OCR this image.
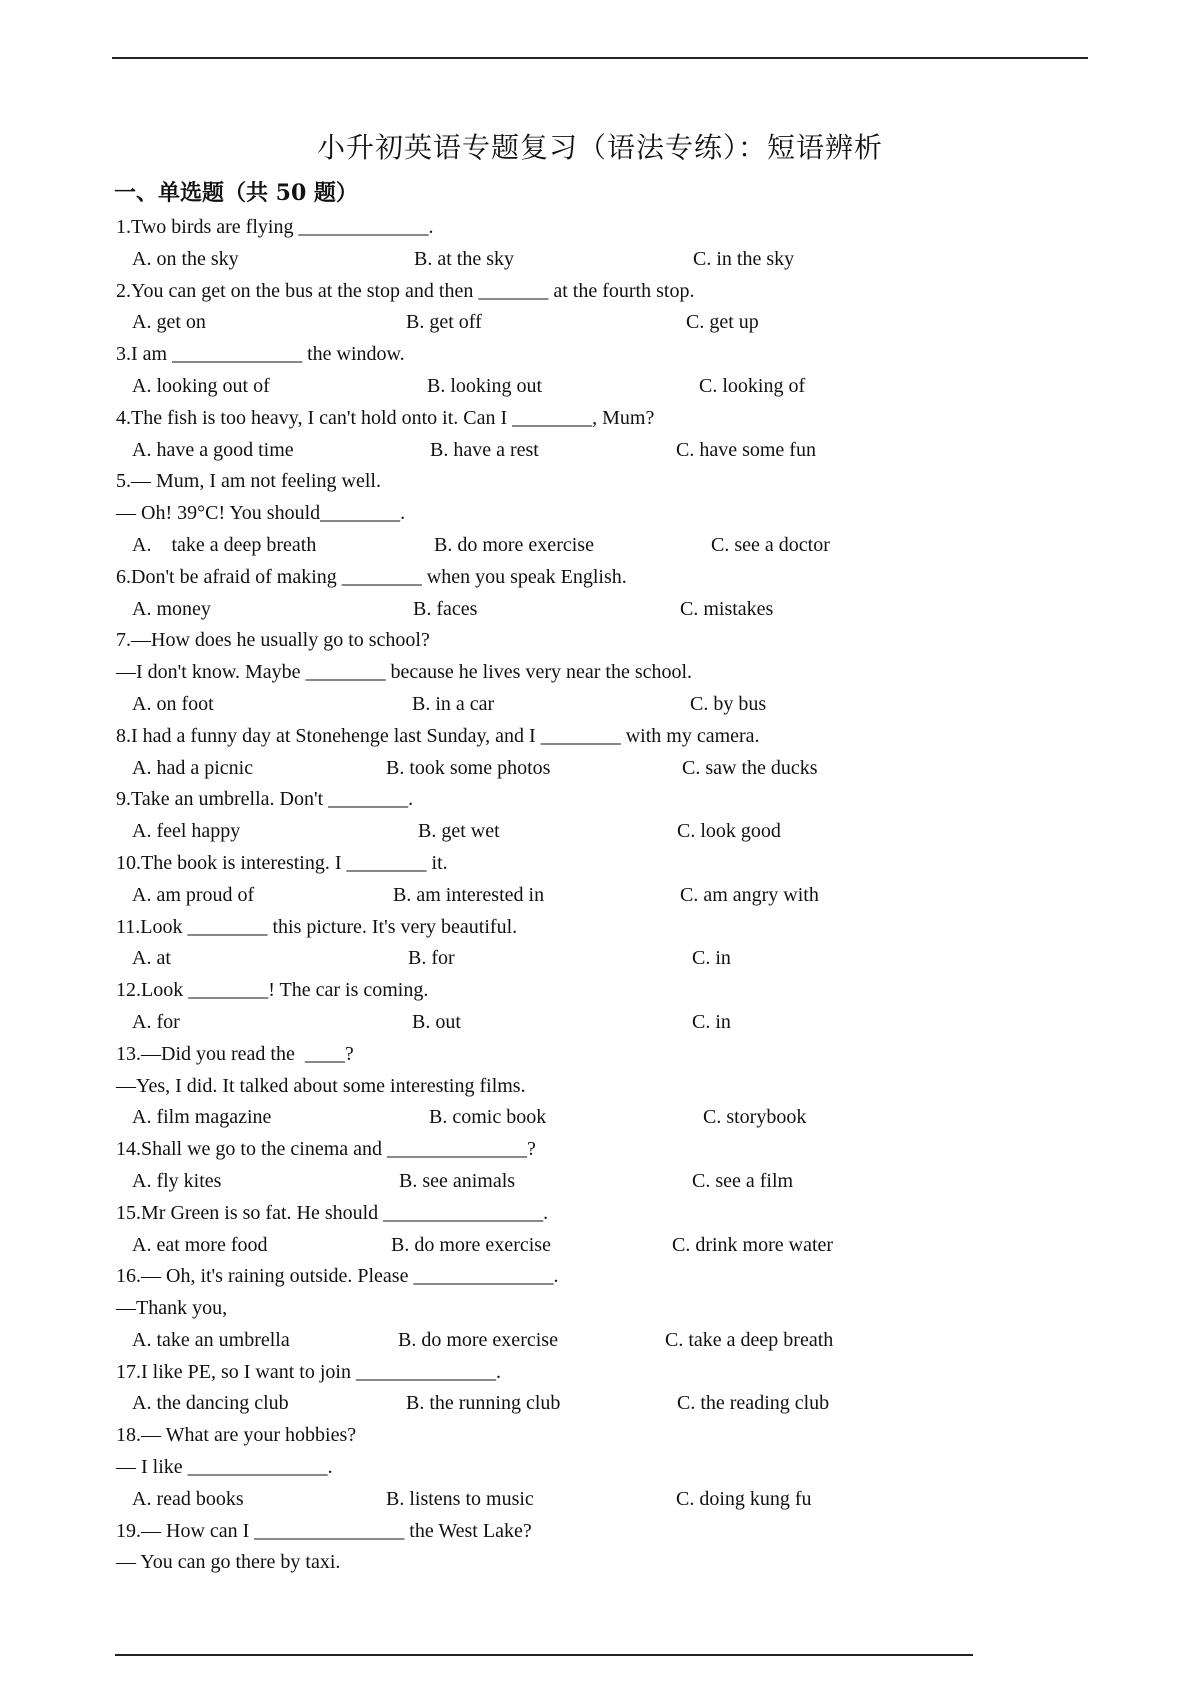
小升初英语专题复习（语法专练）：短语辨析
一、单选题（共 50 题）
1.Two birds are flying _____________.
A. on the sky	B. at the sky	C. in the sky
2.You can get on the bus at the stop and then _______ at the fourth stop.
A. get on	B. get off	C. get up
3.I am _____________ the window.
A. looking out of	B. looking out	C. looking of
4.The fish is too heavy, I can't hold onto it. Can I ________, Mum?
A. have a good time	B. have a rest	C. have some fun
5.— Mum, I am not feeling well.
— Oh! 39°C! You should________.
A.    take a deep breath	B. do more exercise	C. see a doctor
6.Don't be afraid of making ________ when you speak English.
A. money	B. faces	C. mistakes
7.—How does he usually go to school?
—I don't know. Maybe ________ because he lives very near the school.
A. on foot	B. in a car	C. by bus
8.I had a funny day at Stonehenge last Sunday, and I ________ with my camera.
A. had a picnic	B. took some photos	C. saw the ducks
9.Take an umbrella. Don't ________.
A. feel happy	B. get wet	C. look good
10.The book is interesting. I ________ it.
A. am proud of	B. am interested in	C. am angry with
11.Look ________ this picture. It's very beautiful.
A. at	B. for	C. in
12.Look ________! The car is coming.
A. for	B. out	C. in
13.—Did you read the  ____?
—Yes, I did. It talked about some interesting films.
A. film magazine	B. comic book	C. storybook
14.Shall we go to the cinema and ______________?
A. fly kites	B. see animals	C. see a film
15.Mr Green is so fat. He should ________________.
A. eat more food	B. do more exercise	C. drink more water
16.— Oh, it's raining outside. Please ______________.
—Thank you,
A. take an umbrella	B. do more exercise	C. take a deep breath
17.I like PE, so I want to join ______________.
A. the dancing club	B. the running club	C. the reading club
18.— What are your hobbies?
— I like ______________.
A. read books	B. listens to music	C. doing kung fu
19.— How can I _______________ the West Lake?
— You can go there by taxi.
